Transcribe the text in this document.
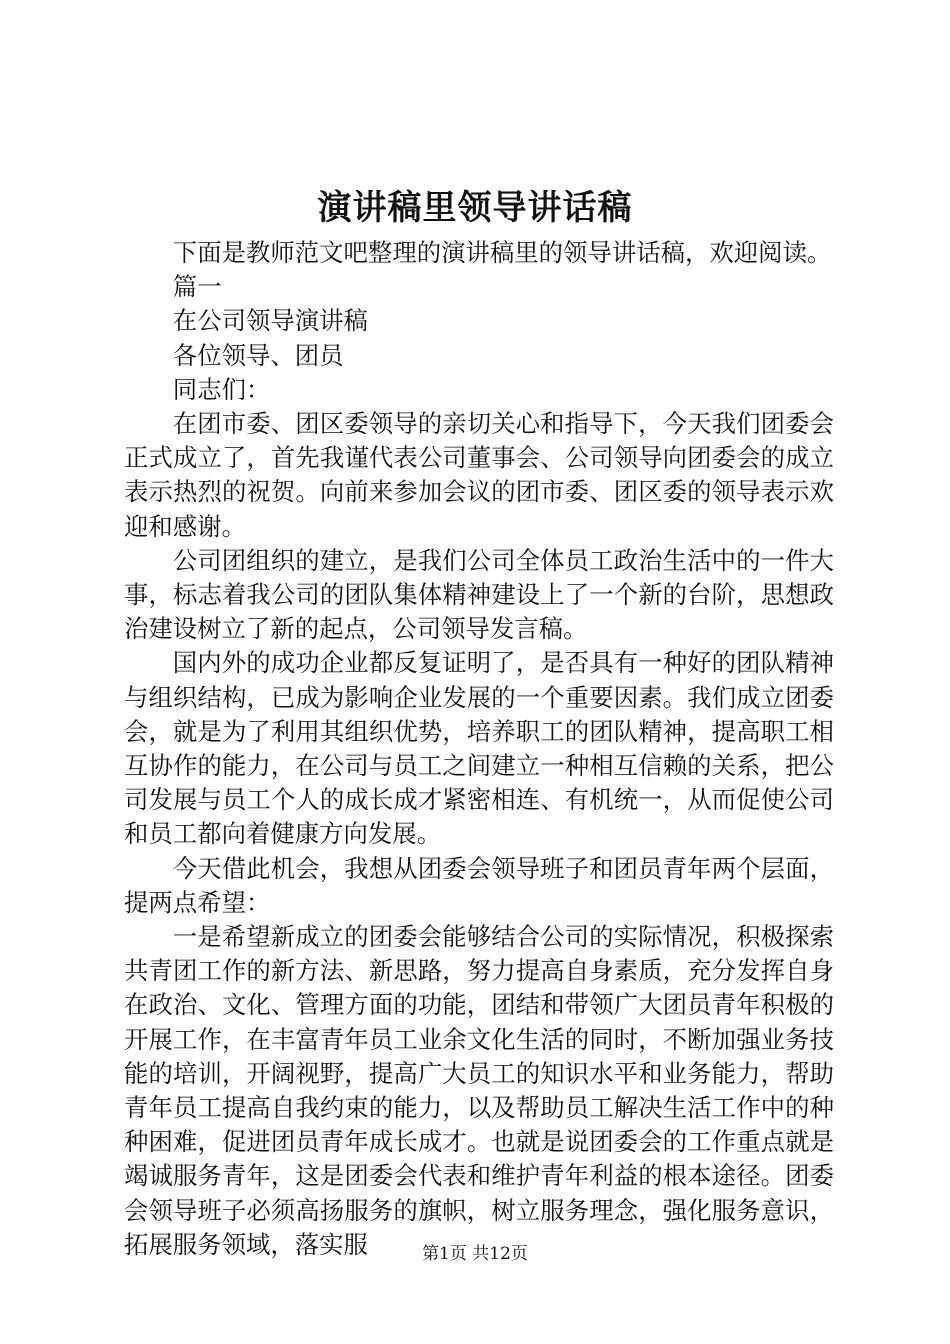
演讲稿里领导讲话稿

下面是教师范文吧整理的演讲稿里的领导讲话稿，欢迎阅读。

篇一

在公司领导演讲稿

各位领导、团员

同志们：

在团市委、团区委领导的亲切关心和指导下，今天我们团委会正式成立了，首先我谨代表公司董事会、公司领导向团委会的成立表示热烈的祝贺。向前来参加会议的团市委、团区委的领导表示欢迎和感谢。

公司团组织的建立，是我们公司全体员工政治生活中的一件大事，标志着我公司的团队集体精神建设上了一个新的台阶，思想政治建设树立了新的起点，公司领导发言稿。

国内外的成功企业都反复证明了，是否具有一种好的团队精神与组织结构，已成为影响企业发展的一个重要因素。我们成立团委会，就是为了利用其组织优势，培养职工的团队精神，提高职工相互协作的能力，在公司与员工之间建立一种相互信赖的关系，把公司发展与员工个人的成长成才紧密相连、有机统一，从而促使公司和员工都向着健康方向发展。

今天借此机会，我想从团委会领导班子和团员青年两个层面，提两点希望：

一是希望新成立的团委会能够结合公司的实际情况，积极探索共青团工作的新方法、新思路，努力提高自身素质，充分发挥自身在政治、文化、管理方面的功能，团结和带领广大团员青年积极的开展工作，在丰富青年员工业余文化生活的同时，不断加强业务技能的培训，开阔视野，提高广大员工的知识水平和业务能力，帮助青年员工提高自我约束的能力，以及帮助员工解决生活工作中的种种困难，促进团员青年成长成才。也就是说团委会的工作重点就是竭诚服务青年，这是团委会代表和维护青年利益的根本途径。团委会领导班子必须高扬服务的旗帜，树立服务理念，强化服务意识，拓展服务领域，落实服	第1页 共12页
